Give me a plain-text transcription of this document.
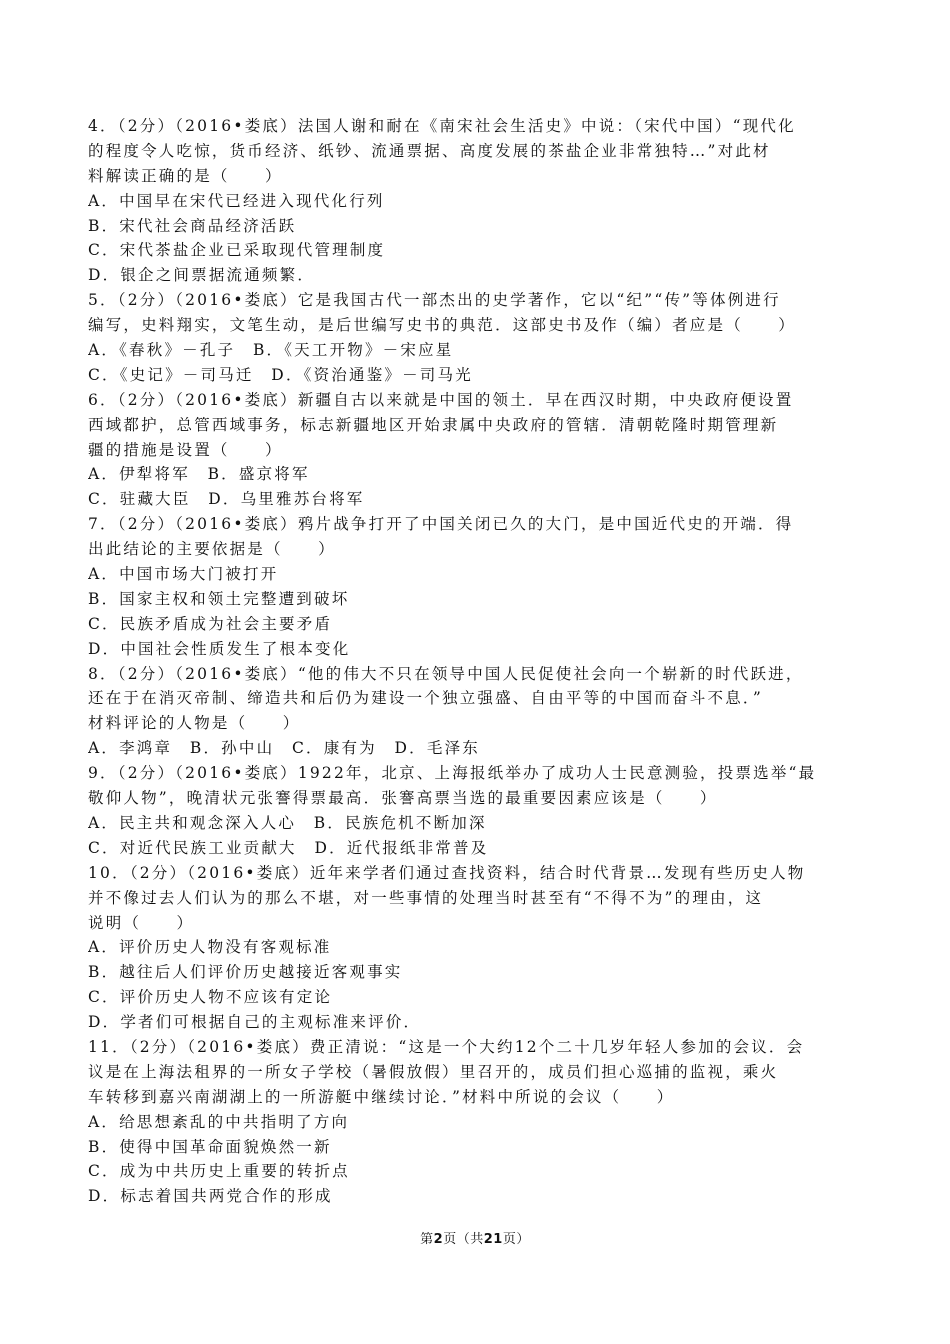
4．（2分）（2016•娄底）法国人谢和耐在《南宋社会生活史》中说：（宋代中国）“现代化
的程度令人吃惊，货币经济、纸钞、流通票据、高度发展的茶盐企业非常独特…”对此材
料解读正确的是（　　）
A．中国早在宋代已经进入现代化行列
B．宋代社会商品经济活跃
C．宋代茶盐企业已采取现代管理制度
D．银企之间票据流通频繁．
5．（2分）（2016•娄底）它是我国古代一部杰出的史学著作，它以“纪”“传”等体例进行
编写，史料翔实，文笔生动，是后世编写史书的典范．这部史书及作（编）者应是（　　）
A．《春秋》－孔子　B．《天工开物》－宋应星
C．《史记》－司马迁　D．《资治通鉴》－司马光
6．（2分）（2016•娄底）新疆自古以来就是中国的领土．早在西汉时期，中央政府便设置
西域都护，总管西域事务，标志新疆地区开始隶属中央政府的管辖．清朝乾隆时期管理新
疆的措施是设置（　　）
A．伊犁将军　B．盛京将军
C．驻藏大臣　D．乌里雅苏台将军
7．（2分）（2016•娄底）鸦片战争打开了中国关闭已久的大门，是中国近代史的开端．得
出此结论的主要依据是（　　）
A．中国市场大门被打开
B．国家主权和领土完整遭到破坏
C．民族矛盾成为社会主要矛盾
D．中国社会性质发生了根本变化
8．（2分）（2016•娄底）“他的伟大不只在领导中国人民促使社会向一个崭新的时代跃进，
还在于在消灭帝制、缔造共和后仍为建设一个独立强盛、自由平等的中国而奋斗不息．”
材料评论的人物是（　　）
A．李鸿章　B．孙中山　C．康有为　D．毛泽东
9．（2分）（2016•娄底）1922年，北京、上海报纸举办了成功人士民意测验，投票选举“最
敬仰人物”，晚清状元张謇得票最高．张謇高票当选的最重要因素应该是（　　）
A．民主共和观念深入人心　B．民族危机不断加深
C．对近代民族工业贡献大　D．近代报纸非常普及
10．（2分）（2016•娄底）近年来学者们通过查找资料，结合时代背景…发现有些历史人物
并不像过去人们认为的那么不堪，对一些事情的处理当时甚至有“不得不为”的理由，这
说明（　　）
A．评价历史人物没有客观标准
B．越往后人们评价历史越接近客观事实
C．评价历史人物不应该有定论
D．学者们可根据自己的主观标准来评价．
11．（2分）（2016•娄底）费正清说：“这是一个大约12个二十几岁年轻人参加的会议．会
议是在上海法租界的一所女子学校（暑假放假）里召开的，成员们担心巡捕的监视，乘火
车转移到嘉兴南湖湖上的一所游艇中继续讨论．”材料中所说的会议（　　）
A．给思想紊乱的中共指明了方向
B．使得中国革命面貌焕然一新
C．成为中共历史上重要的转折点
D．标志着国共两党合作的形成
第2页（共21页）
